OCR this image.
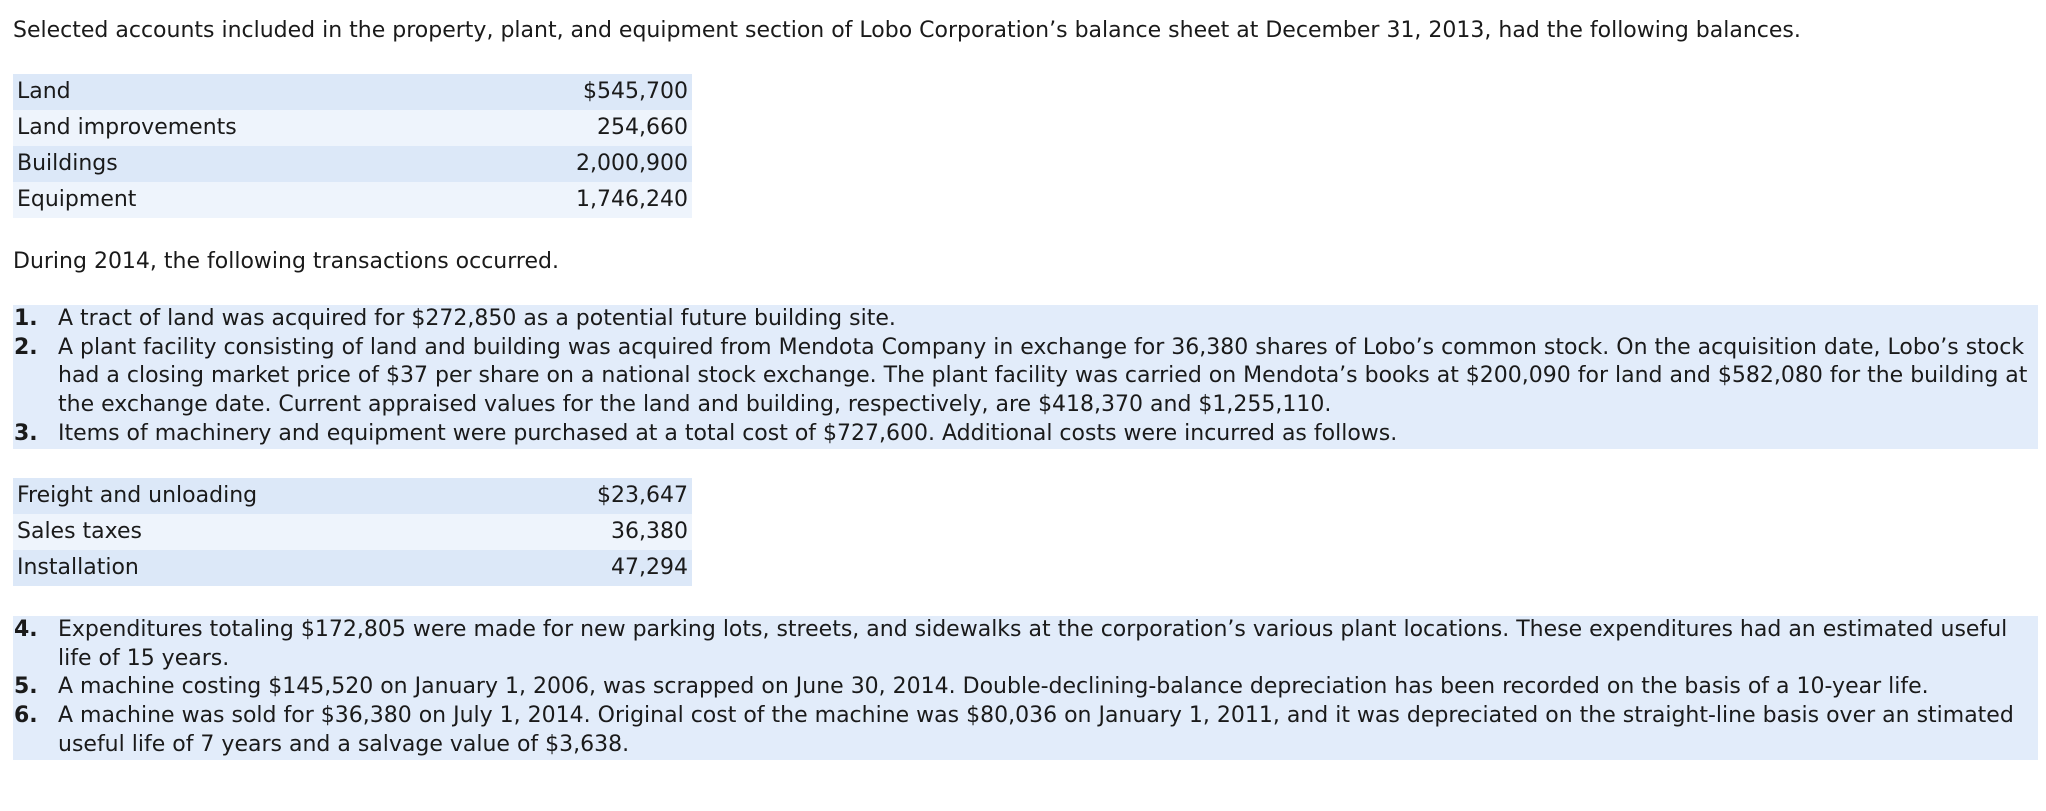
Selected accounts included in the property, plant, and equipment section of Lobo Corporation’s balance sheet at December 31, 2013, had the following balances.
Land	$545,700
Land improvements	254,660
Buildings	2,000,900
Equipment	1,746,240
During 2014, the following transactions occurred.
1. A tract of land was acquired for $272,850 as a potential future building site.
2. A plant facility consisting of land and building was acquired from Mendota Company in exchange for 36,380 shares of Lobo’s common stock. On the acquisition date, Lobo’s stock had a closing market price of $37 per share on a national stock exchange. The plant facility was carried on Mendota’s books at $200,090 for land and $582,080 for the building at the exchange date. Current appraised values for the land and building, respectively, are $418,370 and $1,255,110.
3. Items of machinery and equipment were purchased at a total cost of $727,600. Additional costs were incurred as follows.
Freight and unloading	$23,647
Sales taxes	36,380
Installation	47,294
4. Expenditures totaling $172,805 were made for new parking lots, streets, and sidewalks at the corporation’s various plant locations. These expenditures had an estimated useful life of 15 years.
5. A machine costing $145,520 on January 1, 2006, was scrapped on June 30, 2014. Double-declining-balance depreciation has been recorded on the basis of a 10-year life.
6. A machine was sold for $36,380 on July 1, 2014. Original cost of the machine was $80,036 on January 1, 2011, and it was depreciated on the straight-line basis over an stimated useful life of 7 years and a salvage value of $3,638.
